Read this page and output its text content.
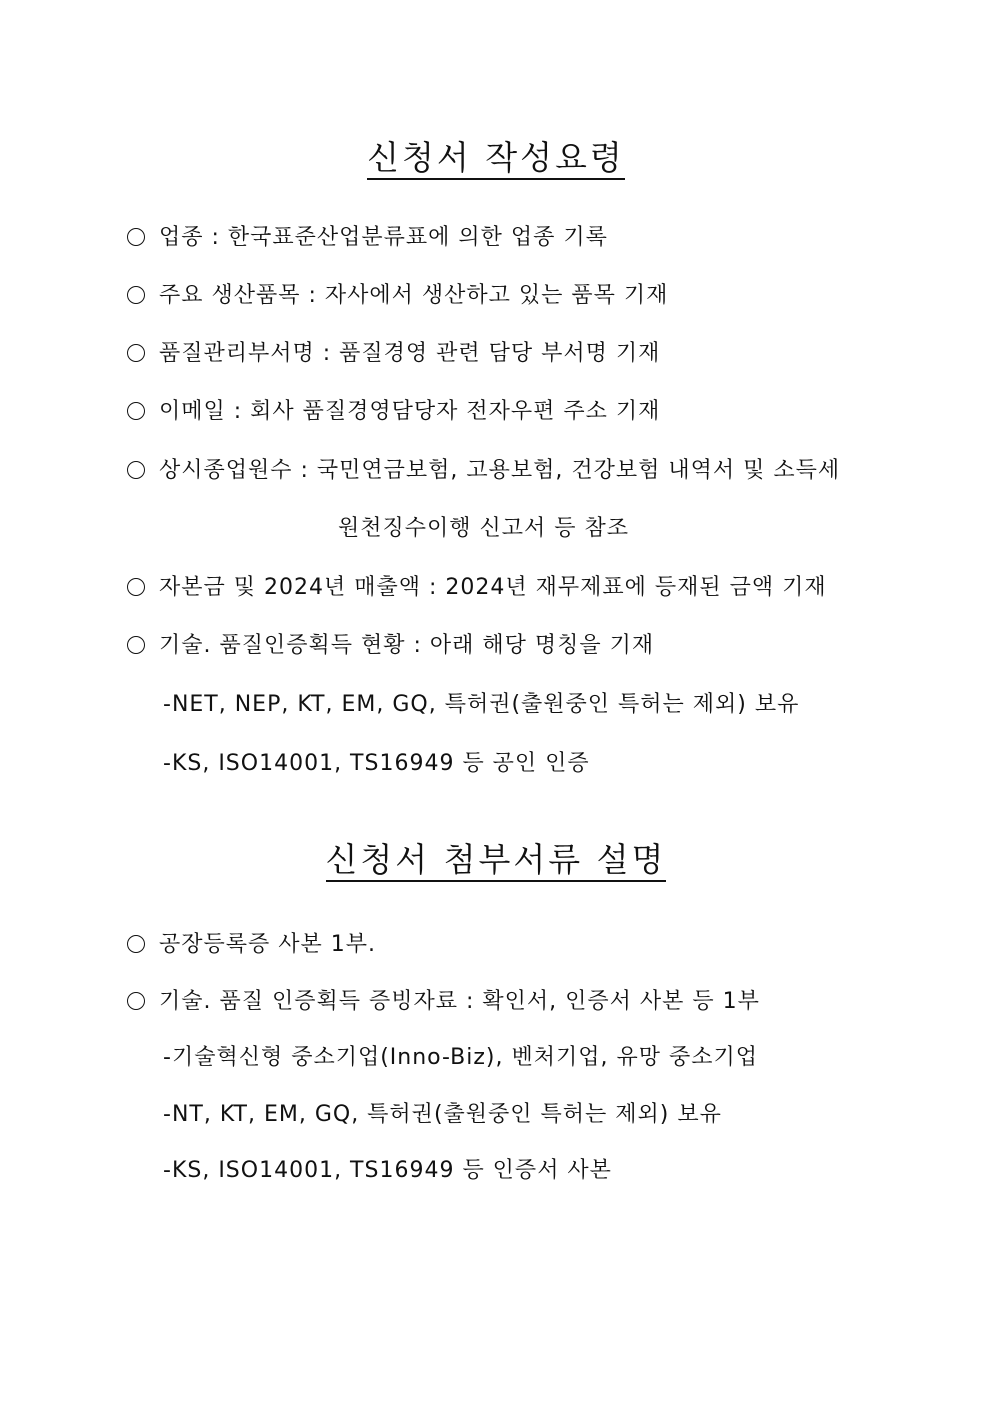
신청서 작성요령
업종 : 한국표준산업분류표에 의한 업종 기록
주요 생산품목 : 자사에서 생산하고 있는 품목 기재
품질관리부서명 : 품질경영 관련 담당 부서명 기재
이메일 : 회사 품질경영담당자 전자우편 주소 기재
상시종업원수 : 국민연금보험, 고용보험, 건강보험 내역서 및 소득세
원천징수이행 신고서 등 참조
자본금 및 2024년 매출액 : 2024년 재무제표에 등재된 금액 기재
기술. 품질인증획득 현황 : 아래 해당 명칭을 기재
-NET, NEP, KT, EM, GQ, 특허권(출원중인 특허는 제외) 보유
-KS, ISO14001, TS16949 등 공인 인증
신청서 첨부서류 설명
공장등록증 사본 1부.
기술. 품질 인증획득 증빙자료 : 확인서, 인증서 사본 등 1부
-기술혁신형 중소기업(Inno-Biz), 벤처기업, 유망 중소기업
-NT, KT, EM, GQ, 특허권(출원중인 특허는 제외) 보유
-KS, ISO14001, TS16949 등 인증서 사본
